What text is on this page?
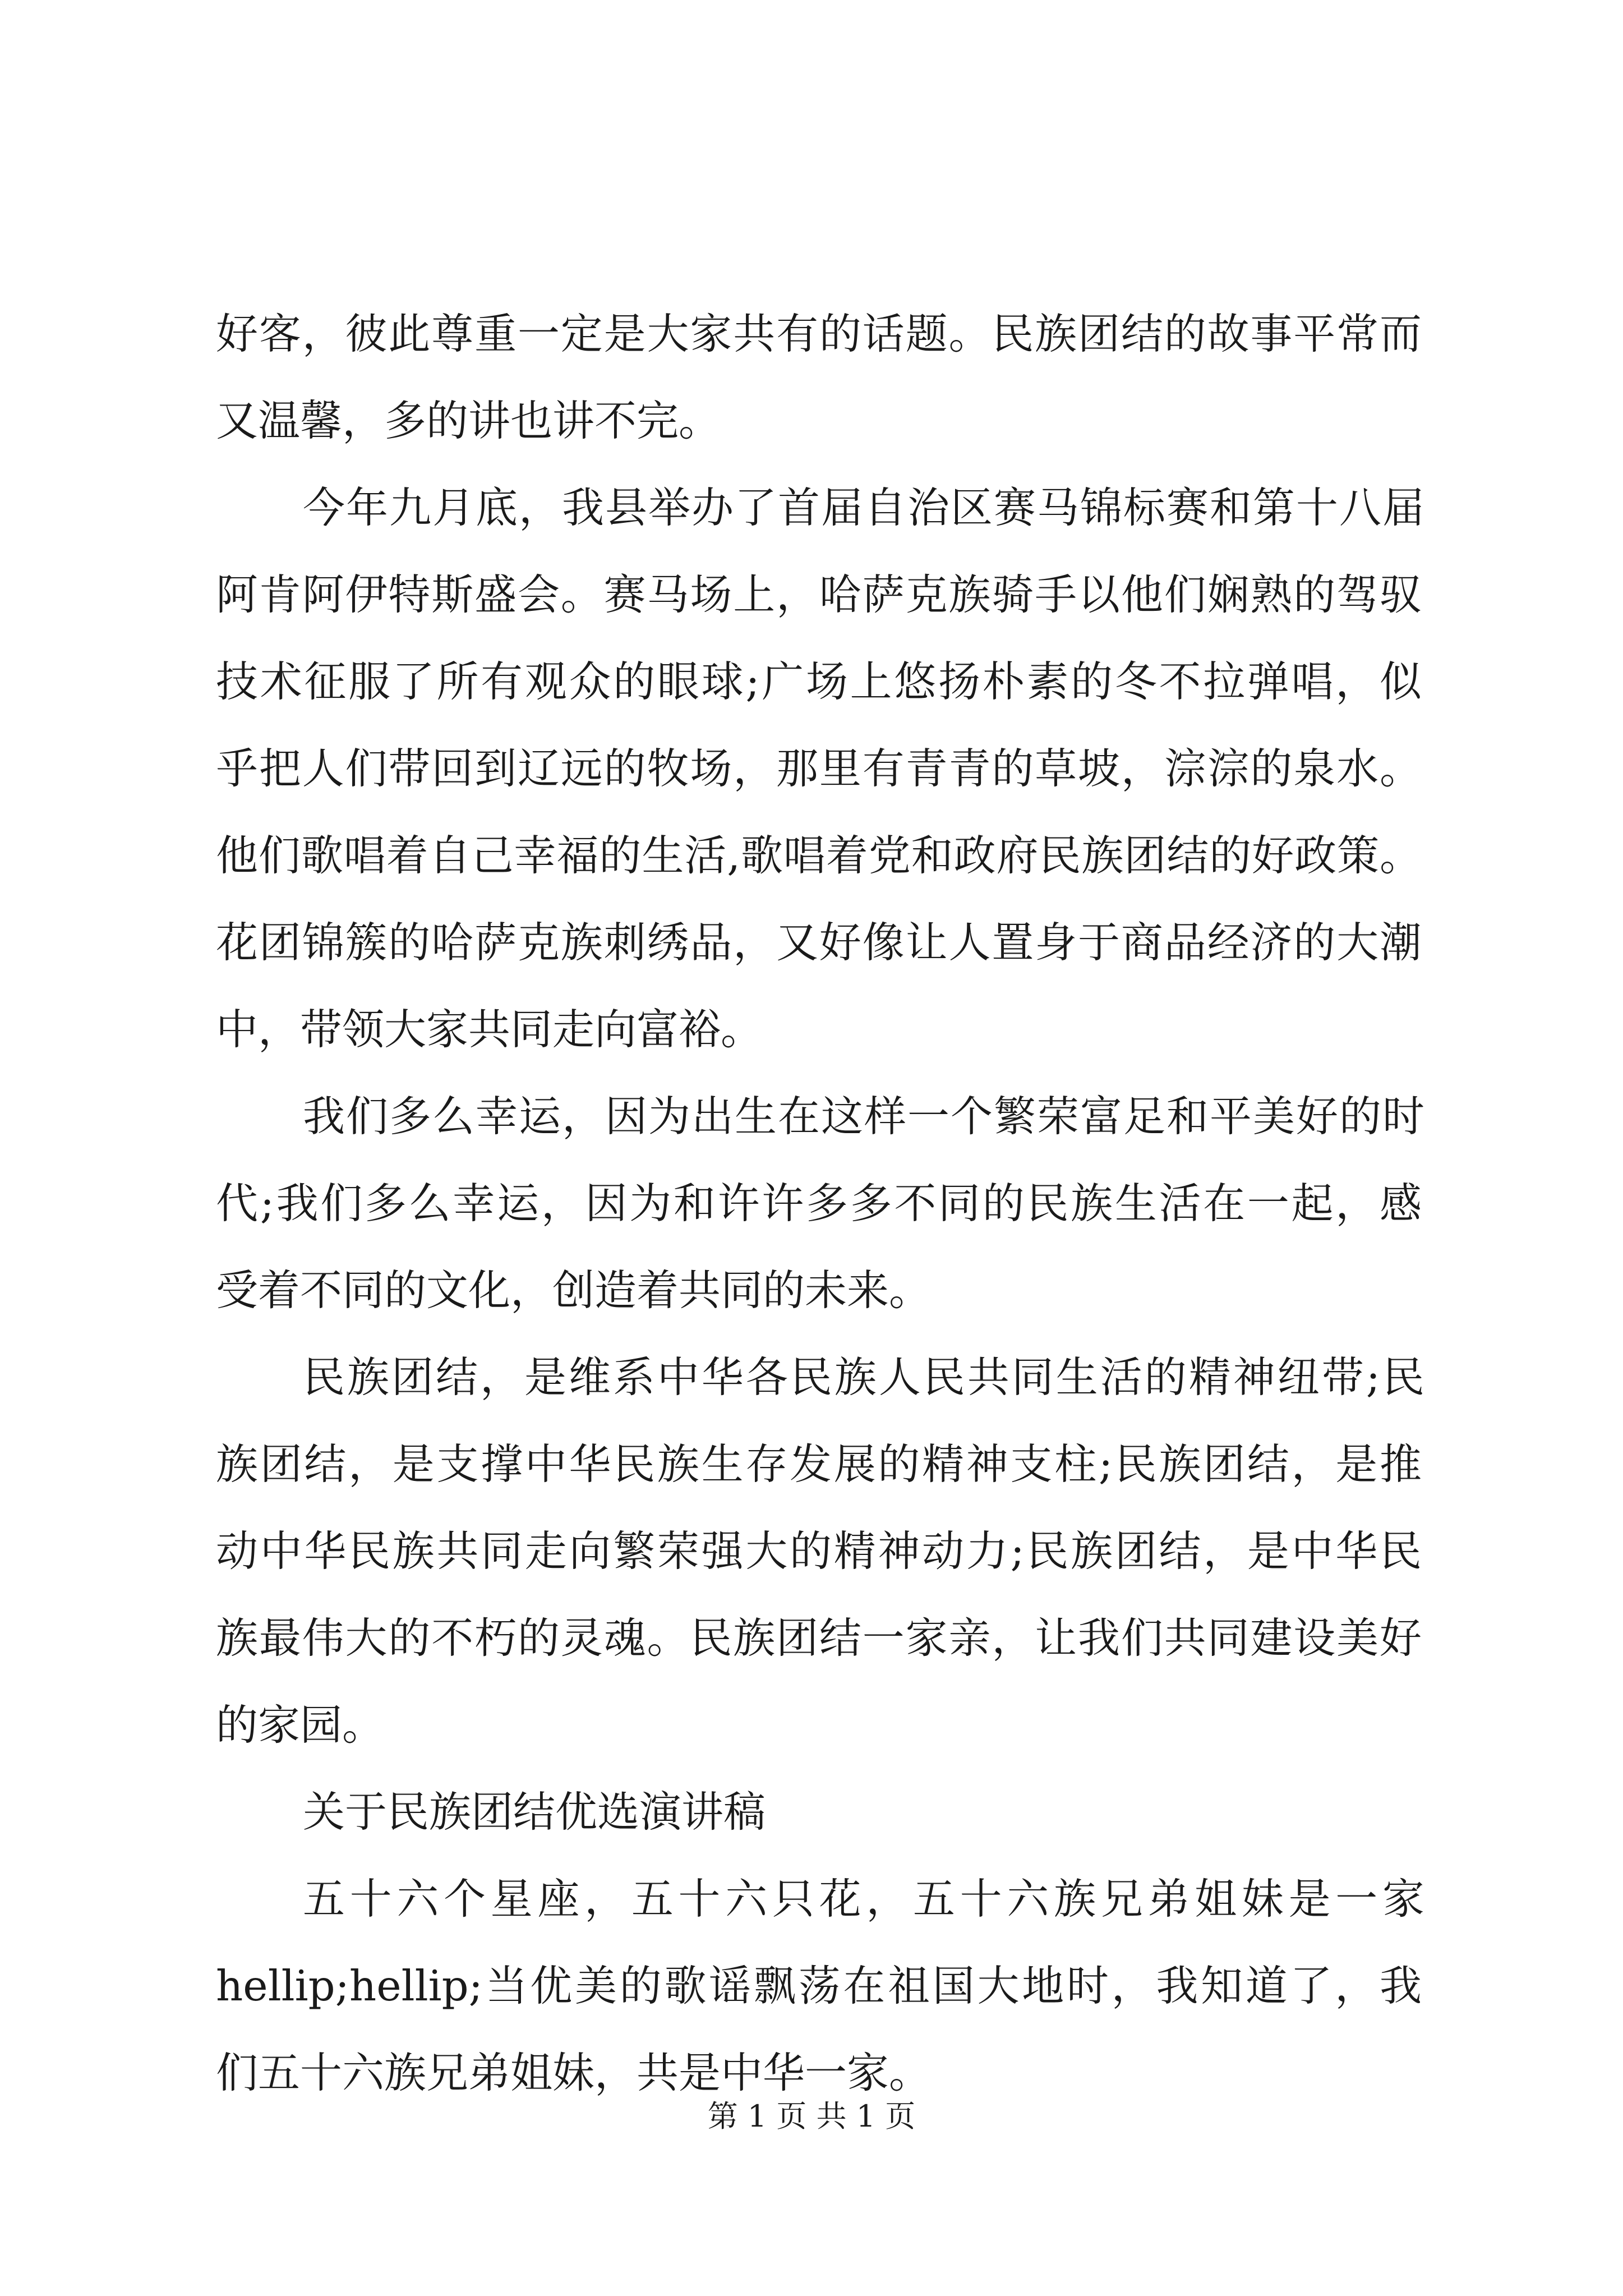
好客，彼此尊重一定是大家共有的话题。民族团结的故事平常而
又温馨，多的讲也讲不完。
今年九月底，我县举办了首届自治区赛马锦标赛和第十八届
阿肯阿伊特斯盛会。赛马场上，哈萨克族骑手以他们娴熟的驾驭
技术征服了所有观众的眼球;广场上悠扬朴素的冬不拉弹唱，似
乎把人们带回到辽远的牧场，那里有青青的草坡，淙淙的泉水。
他们歌唱着自己幸福的生活,歌唱着党和政府民族团结的好政策。
花团锦簇的哈萨克族刺绣品，又好像让人置身于商品经济的大潮
中，带领大家共同走向富裕。
我们多么幸运，因为出生在这样一个繁荣富足和平美好的时
代;我们多么幸运，因为和许许多多不同的民族生活在一起，感
受着不同的文化，创造着共同的未来。
民族团结，是维系中华各民族人民共同生活的精神纽带;民
族团结，是支撑中华民族生存发展的精神支柱;民族团结，是推
动中华民族共同走向繁荣强大的精神动力;民族团结，是中华民
族最伟大的不朽的灵魂。民族团结一家亲，让我们共同建设美好
的家园。
关于民族团结优选演讲稿
五十六个星座，五十六只花，五十六族兄弟姐妹是一家
hellip;hellip;当优美的歌谣飘荡在祖国大地时，我知道了，我
们五十六族兄弟姐妹，共是中华一家。
第 1 页 共 1 页
